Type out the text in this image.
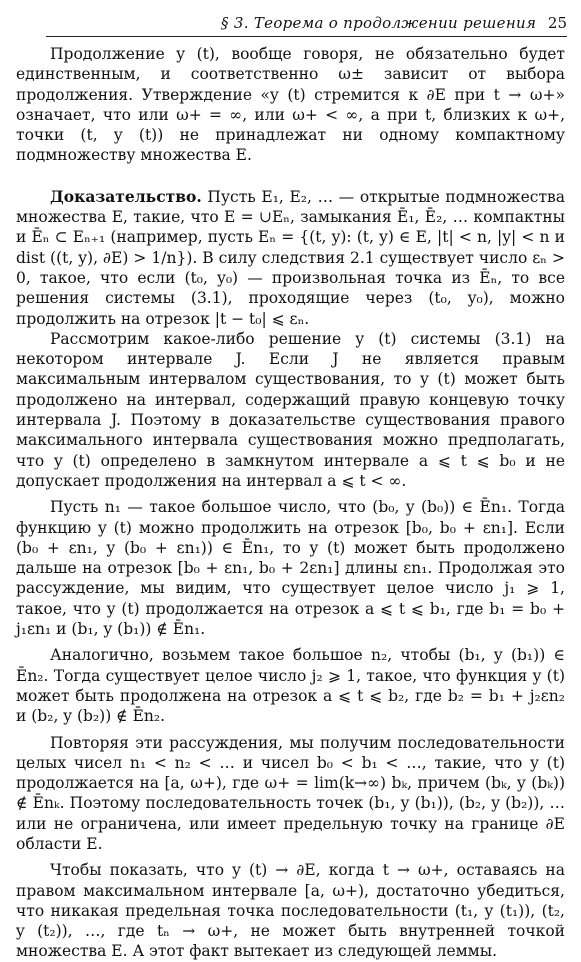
§ 3. Теорема о продолжении решения 25

Продолжение y (t), вообще говоря, не обязательно будет единственным, и соответственно ω± зависит от выбора продолжения. Утверждение «y (t) стремится к ∂E при t → ω+» означает, что или ω+ = ∞, или ω+ < ∞, а при t, близких к ω+, точки (t, y (t)) не принадлежат ни одному компактному подмножеству множества E.

Доказательство. Пусть E₁, E₂, … — открытые подмножества множества E, такие, что E = ∪Eₙ, замыкания Ē₁, Ē₂, … компактны и Ēₙ ⊂ Eₙ₊₁ (например, пусть Eₙ = {(t, y): (t, y) ∈ E, |t| < n, |y| < n и dist ((t, y), ∂E) > 1/n}). В силу следствия 2.1 существует число εₙ > 0, такое, что если (t₀, y₀) — произвольная точка из Ēₙ, то все решения системы (3.1), проходящие через (t₀, y₀), можно продолжить на отрезок |t − t₀| ⩽ εₙ.

Рассмотрим какое-либо решение y (t) системы (3.1) на некотором интервале J. Если J не является правым максимальным интервалом существования, то y (t) может быть продолжено на интервал, содержащий правую концевую точку интервала J. Поэтому в доказательстве существования правого максимального интервала существования можно предполагать, что y (t) определено в замкнутом интервале a ⩽ t ⩽ b₀ и не допускает продолжения на интервал a ⩽ t < ∞.

Пусть n₁ — такое большое число, что (b₀, y (b₀)) ∈ Ēn₁. Тогда функцию y (t) можно продолжить на отрезок [b₀, b₀ + εn₁]. Если (b₀ + εn₁, y (b₀ + εn₁)) ∈ Ēn₁, то y (t) может быть продолжено дальше на отрезок [b₀ + εn₁, b₀ + 2εn₁] длины εn₁. Продолжая это рассуждение, мы видим, что существует целое число j₁ ⩾ 1, такое, что y (t) продолжается на отрезок a ⩽ t ⩽ b₁, где b₁ = b₀ + j₁εn₁ и (b₁, y (b₁)) ∉ Ēn₁.

Аналогично, возьмем такое большое n₂, чтобы (b₁, y (b₁)) ∈ Ēn₂. Тогда существует целое число j₂ ⩾ 1, такое, что функция y (t) может быть продолжена на отрезок a ⩽ t ⩽ b₂, где b₂ = b₁ + j₂εn₂ и (b₂, y (b₂)) ∉ Ēn₂.

Повторяя эти рассуждения, мы получим последовательности целых чисел n₁ < n₂ < … и чисел b₀ < b₁ < …, такие, что y (t) продолжается на [a, ω+), где ω+ = lim(k→∞) bₖ, причем (bₖ, y (bₖ)) ∉ Ēnₖ. Поэтому последовательность точек (b₁, y (b₁)), (b₂, y (b₂)), … или не ограничена, или имеет предельную точку на границе ∂E области E.

Чтобы показать, что y (t) → ∂E, когда t → ω+, оставаясь на правом максимальном интервале [a, ω+), достаточно убедиться, что никакая предельная точка последовательности (t₁, y (t₁)), (t₂, y (t₂)), …, где tₙ → ω+, не может быть внутренней точкой множества E. А этот факт вытекает из следующей леммы.
